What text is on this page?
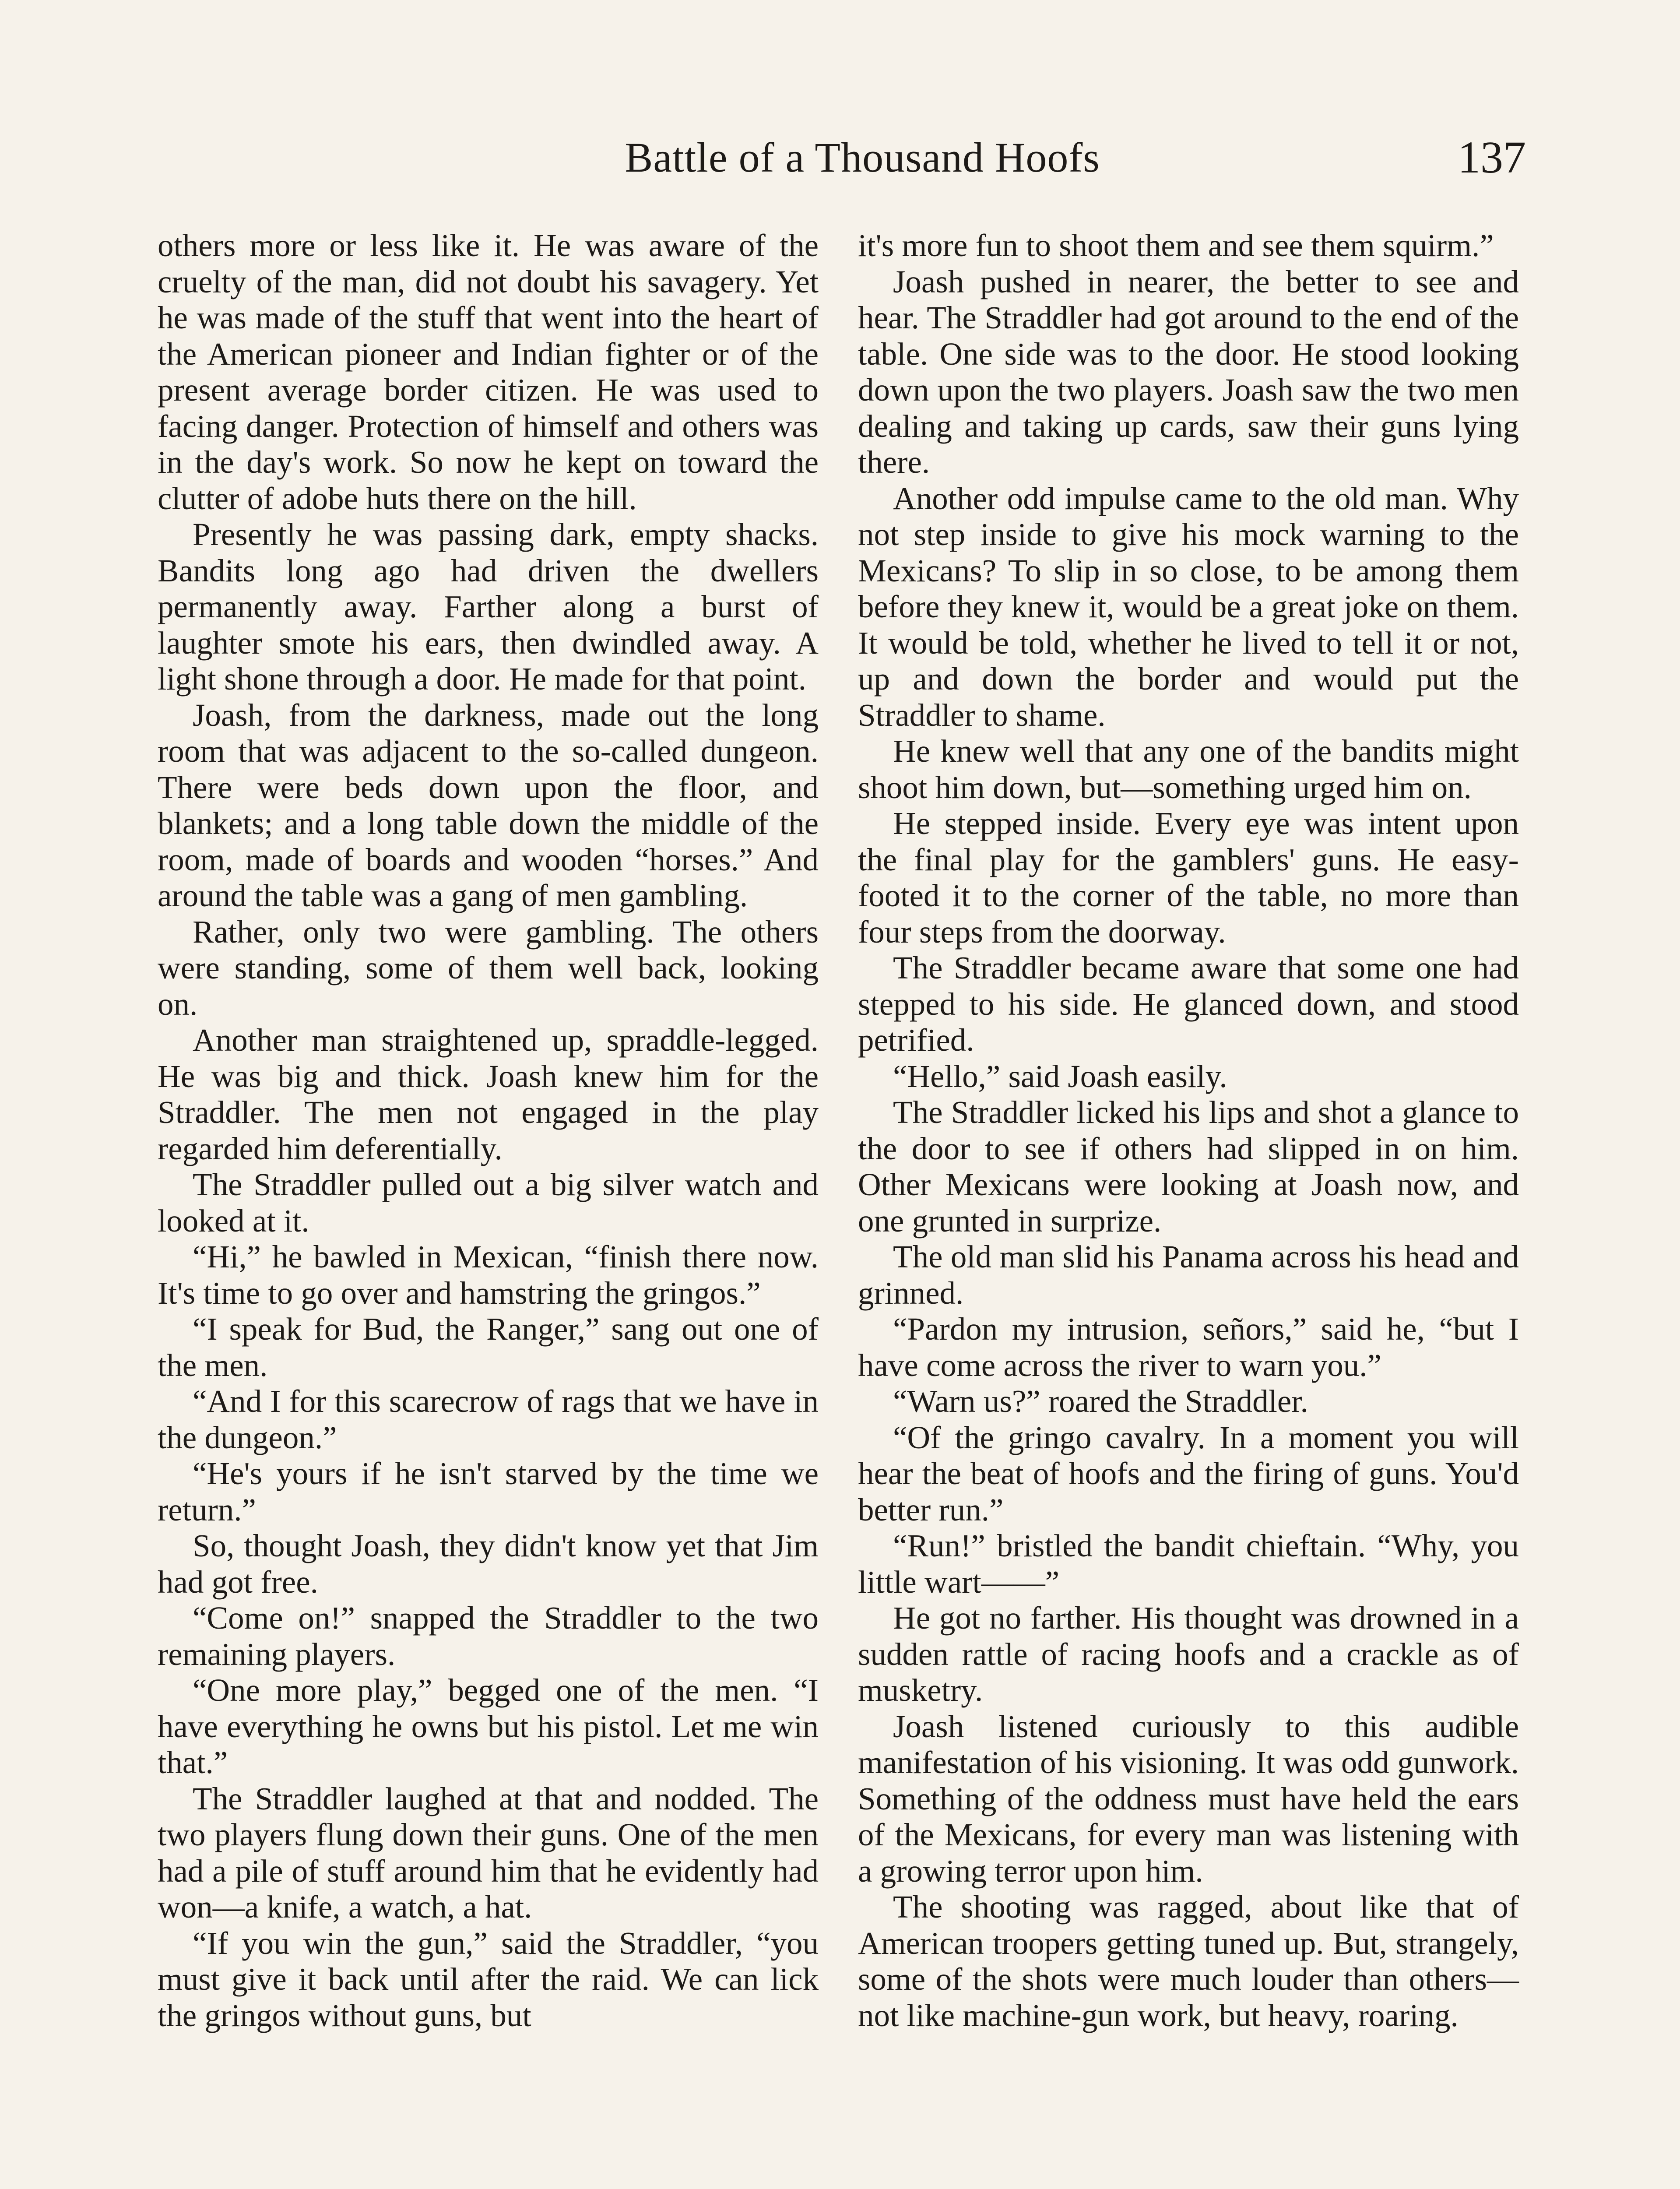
Battle of a Thousand Hoofs	137

others more or less like it. He was aware of the cruelty of the man, did not doubt his savagery. Yet he was made of the stuff that went into the heart of the American pioneer and Indian fighter or of the present average border citizen. He was used to facing danger. Protection of himself and others was in the day's work. So now he kept on toward the clutter of adobe huts there on the hill.

Presently he was passing dark, empty shacks. Bandits long ago had driven the dwellers permanently away. Farther along a burst of laughter smote his ears, then dwindled away. A light shone through a door. He made for that point.

Joash, from the darkness, made out the long room that was adjacent to the so-called dungeon. There were beds down upon the floor, and blankets; and a long table down the middle of the room, made of boards and wooden “horses.” And around the table was a gang of men gambling.

Rather, only two were gambling. The others were standing, some of them well back, looking on.

Another man straightened up, spraddle-legged. He was big and thick. Joash knew him for the Straddler. The men not engaged in the play regarded him deferentially.

The Straddler pulled out a big silver watch and looked at it.

“Hi,” he bawled in Mexican, “finish there now. It's time to go over and hamstring the gringos.”

“I speak for Bud, the Ranger,” sang out one of the men.

“And I for this scarecrow of rags that we have in the dungeon.”

“He's yours if he isn't starved by the time we return.”

So, thought Joash, they didn't know yet that Jim had got free.

“Come on!” snapped the Straddler to the two remaining players.

“One more play,” begged one of the men. “I have everything he owns but his pistol. Let me win that.”

The Straddler laughed at that and nodded. The two players flung down their guns. One of the men had a pile of stuff around him that he evidently had won—a knife, a watch, a hat.

“If you win the gun,” said the Straddler, “you must give it back until after the raid. We can lick the gringos without guns, but

it's more fun to shoot them and see them squirm.”

Joash pushed in nearer, the better to see and hear. The Straddler had got around to the end of the table. One side was to the door. He stood looking down upon the two players. Joash saw the two men dealing and taking up cards, saw their guns lying there.

Another odd impulse came to the old man. Why not step inside to give his mock warning to the Mexicans? To slip in so close, to be among them before they knew it, would be a great joke on them. It would be told, whether he lived to tell it or not, up and down the border and would put the Straddler to shame.

He knew well that any one of the bandits might shoot him down, but—something urged him on.

He stepped inside. Every eye was intent upon the final play for the gamblers' guns. He easy-footed it to the corner of the table, no more than four steps from the doorway.

The Straddler became aware that some one had stepped to his side. He glanced down, and stood petrified.

“Hello,” said Joash easily.

The Straddler licked his lips and shot a glance to the door to see if others had slipped in on him. Other Mexicans were looking at Joash now, and one grunted in surprize.

The old man slid his Panama across his head and grinned.

“Pardon my intrusion, señors,” said he, “but I have come across the river to warn you.”

“Warn us?” roared the Straddler.

“Of the gringo cavalry. In a moment you will hear the beat of hoofs and the firing of guns. You'd better run.”

“Run!” bristled the bandit chieftain. “Why, you little wart——”

He got no farther. His thought was drowned in a sudden rattle of racing hoofs and a crackle as of musketry.

Joash listened curiously to this audible manifestation of his visioning. It was odd gunwork. Something of the oddness must have held the ears of the Mexicans, for every man was listening with a growing terror upon him.

The shooting was ragged, about like that of American troopers getting tuned up. But, strangely, some of the shots were much louder than others—not like machine-gun work, but heavy, roaring.
